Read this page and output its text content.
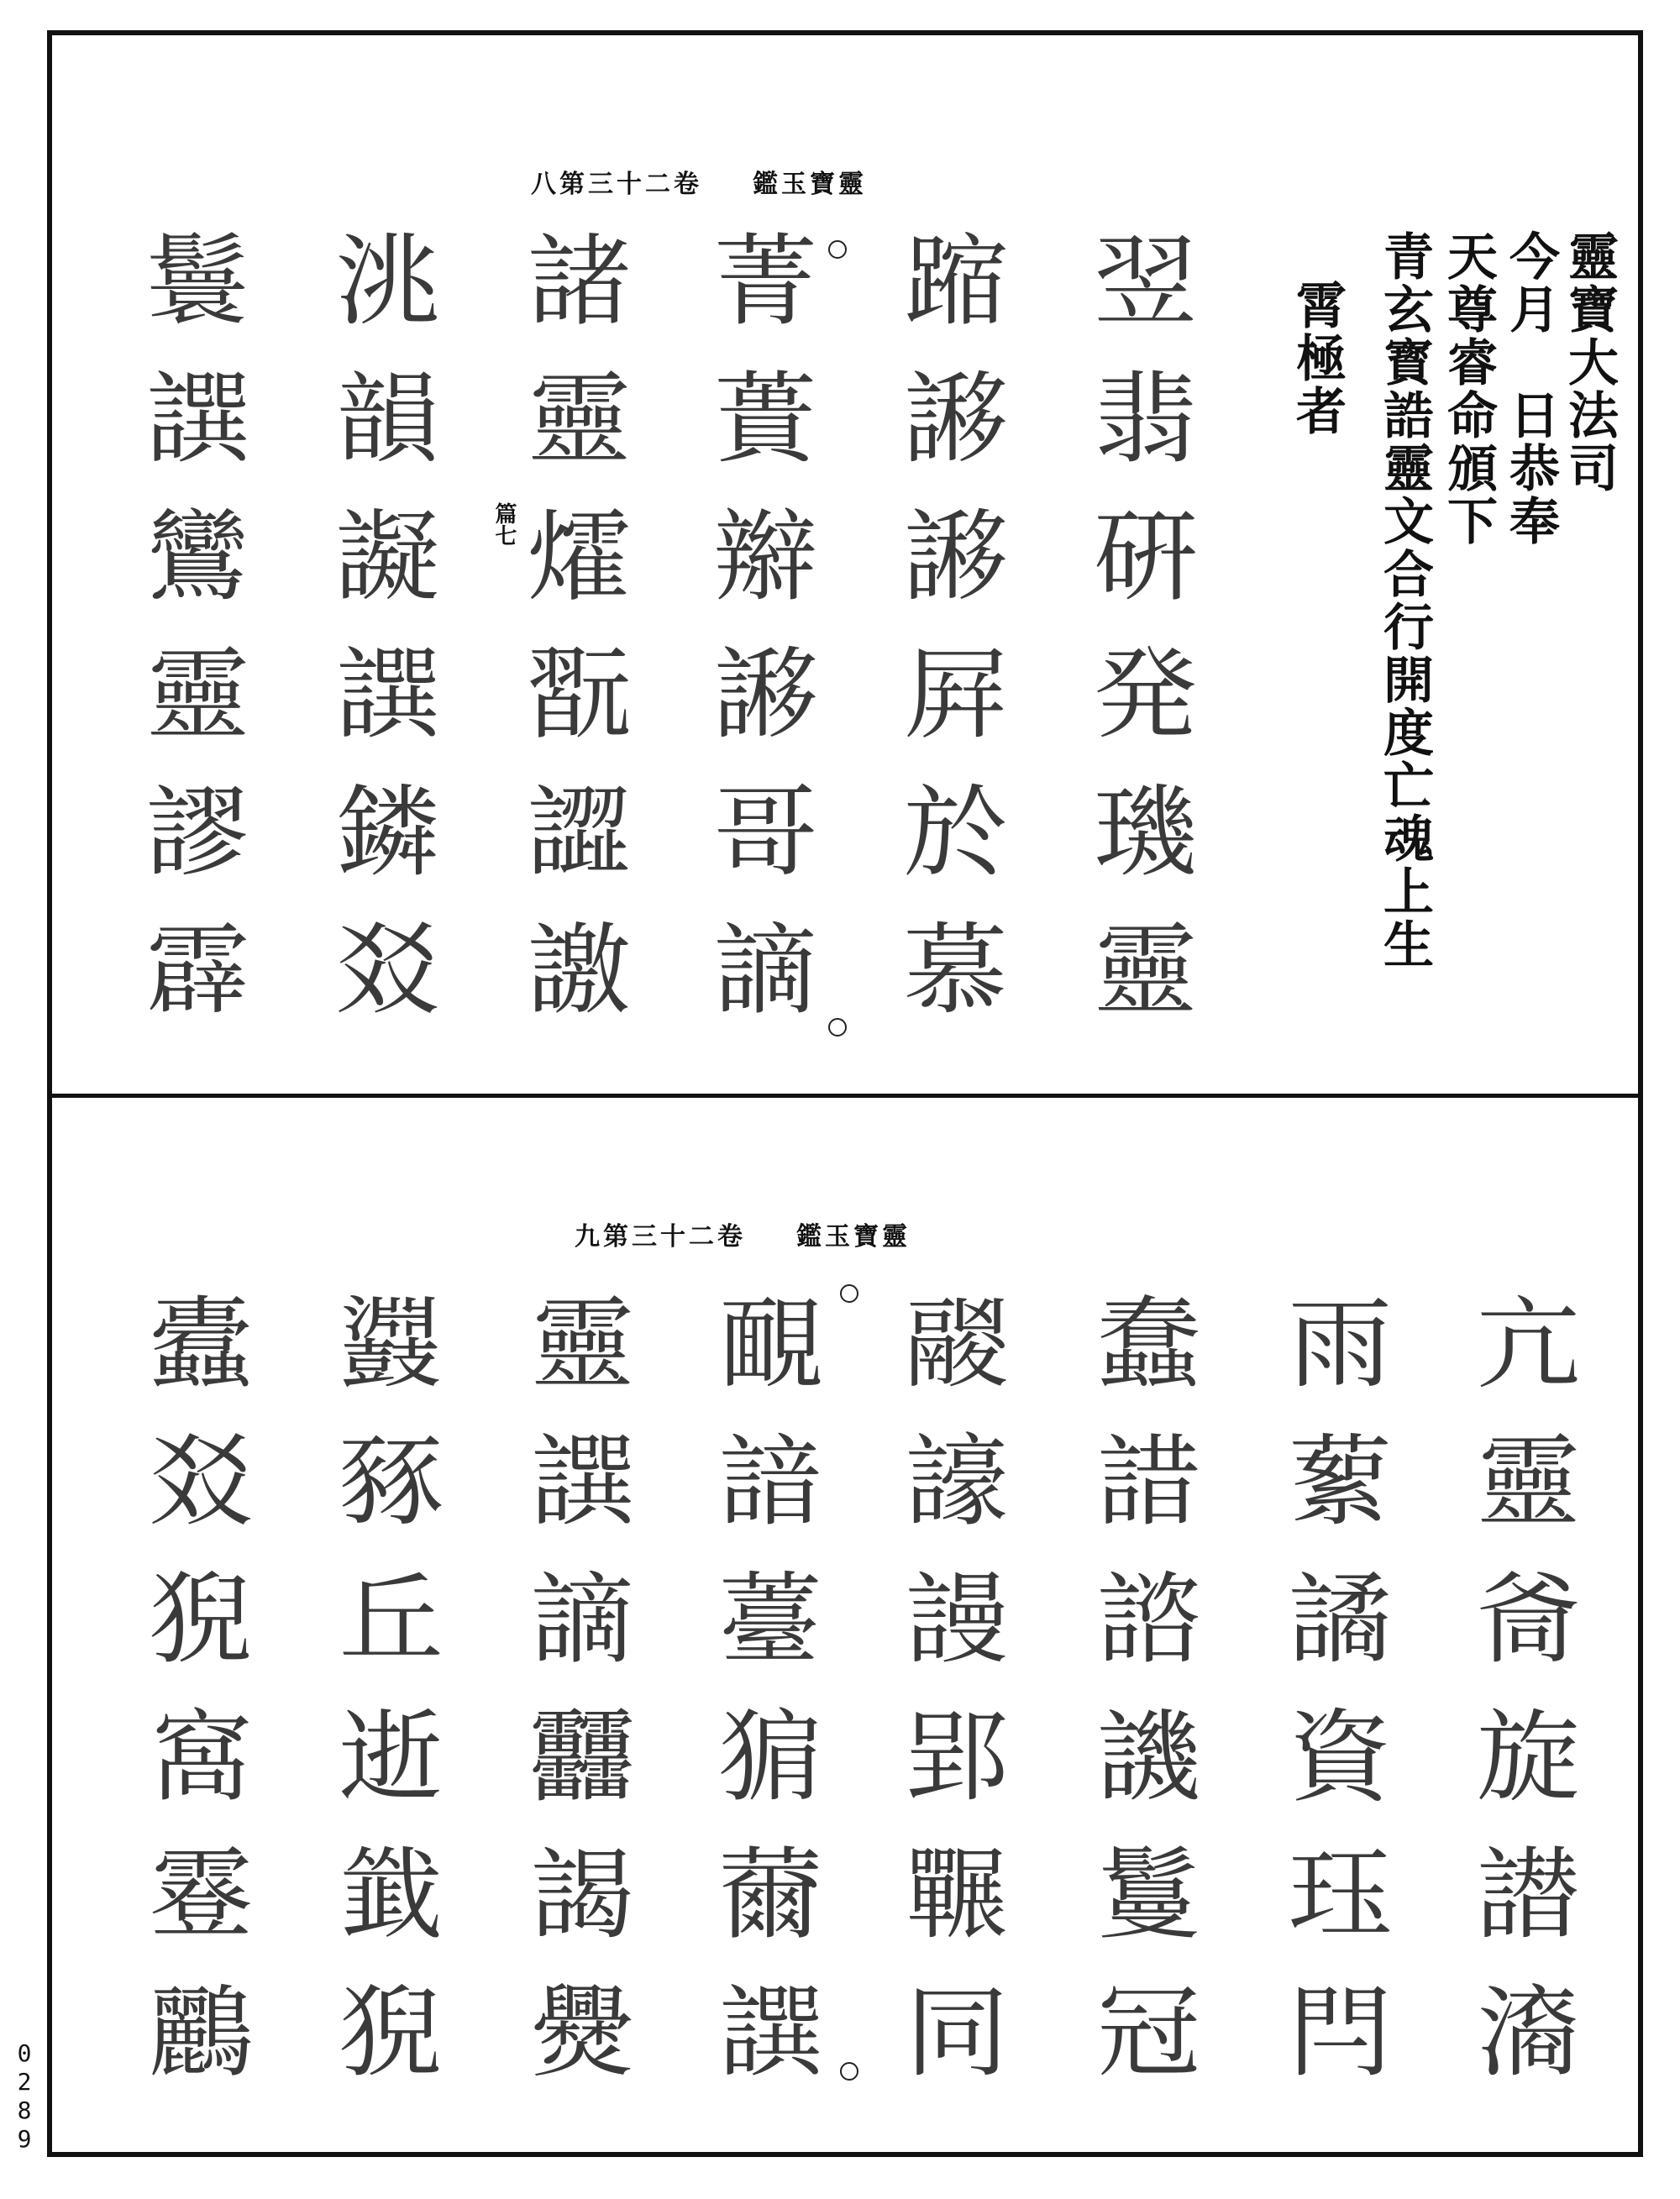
八第三十二卷 鑑玉寶靈
靈寶大法司
今月　日恭奉
天尊睿命頒下
青玄寳誥靈文合行開度亡魂上生
霄極者
翌翡硏発璣靈
蹜謻謻屛於慕
菁蕢辮謻哥謫
諸靈㸌翫譅譤
洮韻譺譔鏻㸚
鬟譔鸞靈謬霹	篇七
九第三十二卷 鑑玉寶靈
亢靈㸗旋譛㵝
雨蕠譎資珏閂
蠢諎諮譏鬘冠
鬷譹謾郢囅同
靦諳薹猏薾譔
靈譔謫䨻謁㸑
鼝豩丘逝韱猊
蠹㸚猊窩霯鸝
0
2
8
9
